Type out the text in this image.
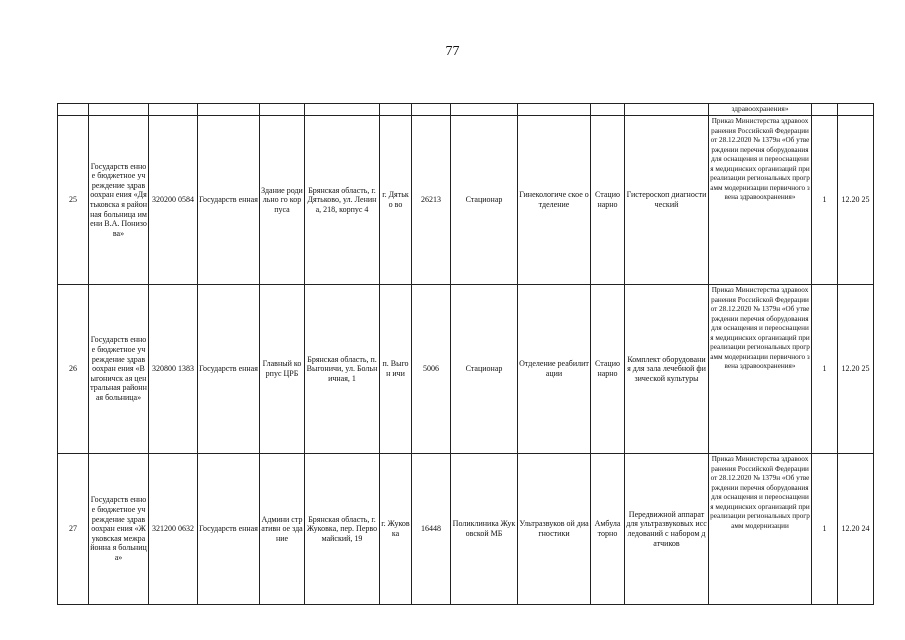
77
												здравоохранения»		
25	Государств енное бюджетное учреждение здравоохран ения «Дятьковска я районная больница имени В.А. Понизова»	320200 0584	Государств енная	Здание родильно го корпуса	Брянская область, г. Дятьково, ул. Ленина, 218, корпус 4	г. Дятько во	26213	Стационар	Гинекологиче ское отделение	Стацио нарно	Гистероскоп диагностический	Приказ Министерства здравоохранения Российской Федерации от 28.12.2020 № 1379н «Об утверждении перечня оборудования для оснащения и переоснащения медицинских организаций при реализации региональных программ модернизации первичного звена здравоохранения»	1	12.20 25
26	Государств енное бюджетное учреждение здравоохран ения «Выгоничск ая центральная районная больница»	320800 1383	Государств енная	Главный корпус ЦРБ	Брянская область, п. Выгоничи, ул. Больничная, 1	п. Выгон ичи	5006	Стационар	Отделение реабилитации	Стацио нарно	Комплект оборудования для зала лечебной физической культуры	Приказ Министерства здравоохранения Российской Федерации от 28.12.2020 № 1379н «Об утверждении перечня оборудования для оснащения и переоснащения медицинских организаций при реализации региональных программ модернизации первичного звена здравоохранения»	1	12.20 25
27	Государств енное бюджетное учреждение здравоохран ения «Жуковская межрайонна я больница»	321200 0632	Государств енная	Админи стративн ое здание	Брянская область, г. Жуковка, пер. Первомайский, 19	г. Жуков ка	16448	Поликлиника Жуковской МБ	Ультразвуков ой диагностики	Амбула торно	Передвижной аппарат для ультразвуковых исследований с набором датчиков	Приказ Министерства здравоохранения Российской Федерации от 28.12.2020 № 1379н «Об утверждении перечня оборудования для оснащения и переоснащения медицинских организаций при реализации региональных программ модернизации	1	12.20 24
